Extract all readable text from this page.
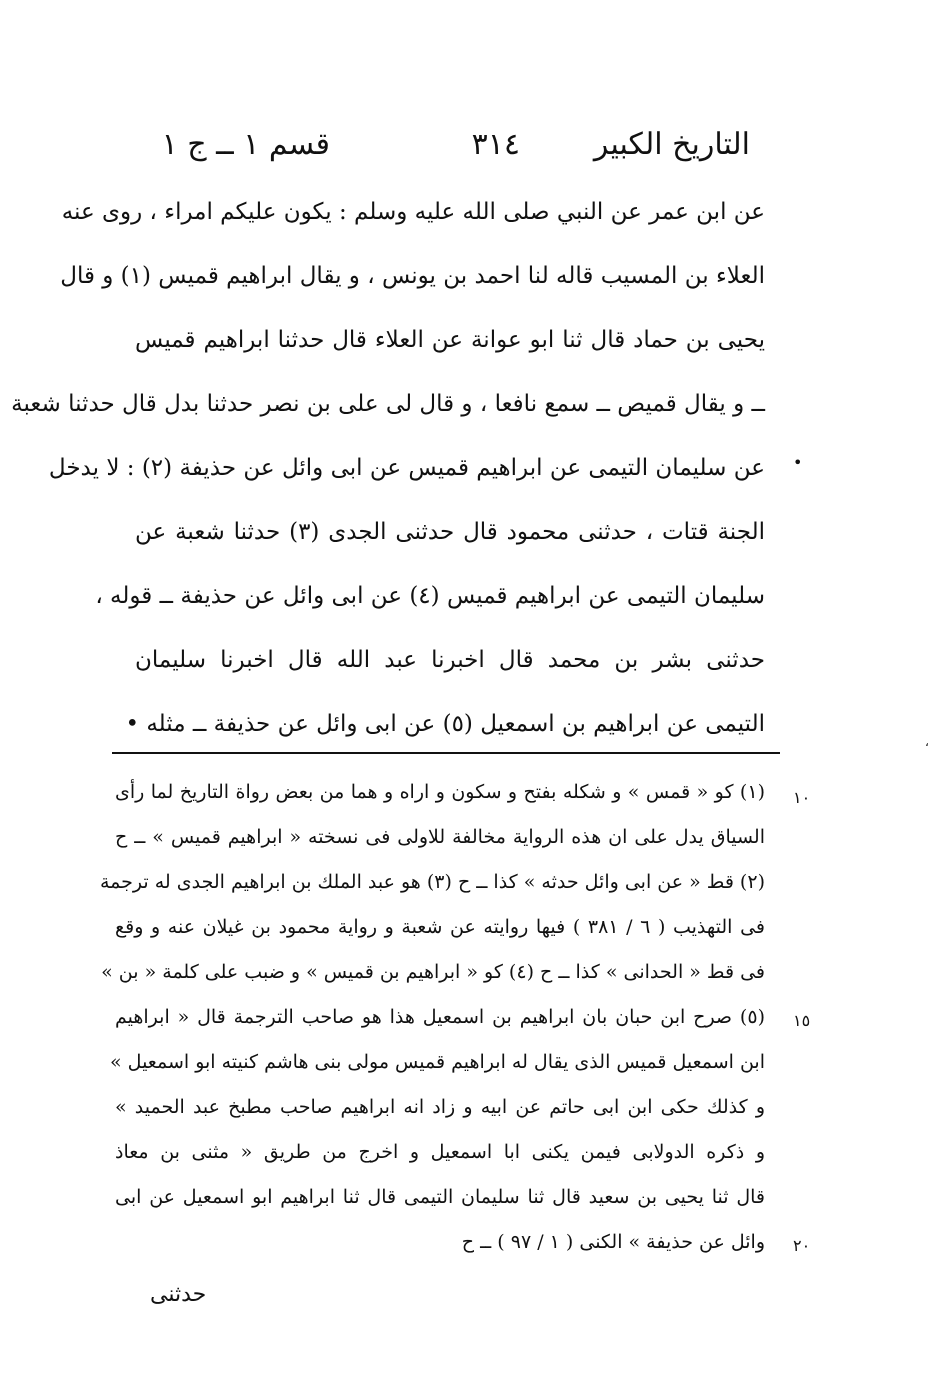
التاريخ الكبير
٣١٤
قسم ١ ــ ج ١
عن ابن عمر عن النبي صلى الله عليه وسلم : يكون عليكم امراء ، روى عنه
العلاء بن المسيب قاله لنا احمد بن يونس ، و يقال ابراهيم قميس (١) و قال
يحيى بن حماد قال ثنا ابو عوانة عن العلاء قال حدثنا ابراهيم قميس
ــ و يقال قميص ــ سمع نافعا ، و قال لى على بن نصر حدثنا بدل قال حدثنا شعبة
عن سليمان التيمى عن ابراهيم قميس عن ابى وائل عن حذيفة (٢) : لا يدخل
الجنة قتات ، حدثنى محمود قال حدثنى الجدى (٣) حدثنا شعبة عن
سليمان التيمى عن ابراهيم قميس (٤) عن ابى وائل عن حذيفة ــ قوله ،
حدثنى بشر بن محمد قال اخبرنا عبد الله قال اخبرنا سليمان
التيمى عن ابراهيم بن اسمعيل (٥) عن ابى وائل عن حذيفة ــ مثله •
•
،
١٠
١٥
٢٠
(١) كو « قمس » و شكله بفتح و سكون و اراه و هما من بعض رواة التاريخ لما رأى
السياق يدل على ان هذه الرواية مخالفة للاولى فى نسخته « ابراهيم قميس » ــ ح
(٢) قط « عن ابى وائل حدثه » كذا ــ ح (٣) هو عبد الملك بن ابراهيم الجدى له ترجمة
فى التهذيب ( ٦ / ٣٨١ ) فيها روايته عن شعبة و رواية محمود بن غيلان عنه و وقع
فى قط « الحدانى » كذا ــ ح (٤) كو « ابراهيم بن قميس » و ضبب على كلمة « بن »
(٥) صرح ابن حبان بان ابراهيم بن اسمعيل هذا هو صاحب الترجمة قال « ابراهيم
ابن اسمعيل قميس الذى يقال له ابراهيم قميس مولى بنى هاشم كنيته ابو اسمعيل »
و كذلك حكى ابن ابى حاتم عن ابيه و زاد انه ابراهيم صاحب مطبخ عبد الحميد »
و ذكره الدولابى فيمن يكنى ابا اسمعيل و اخرج من طريق « مثنى بن معاذ
قال ثنا يحيى بن سعيد قال ثنا سليمان التيمى قال ثنا ابراهيم ابو اسمعيل عن ابى
وائل عن حذيفة » الكنى ( ١ / ٩٧ ) ــ ح
حدثنى
